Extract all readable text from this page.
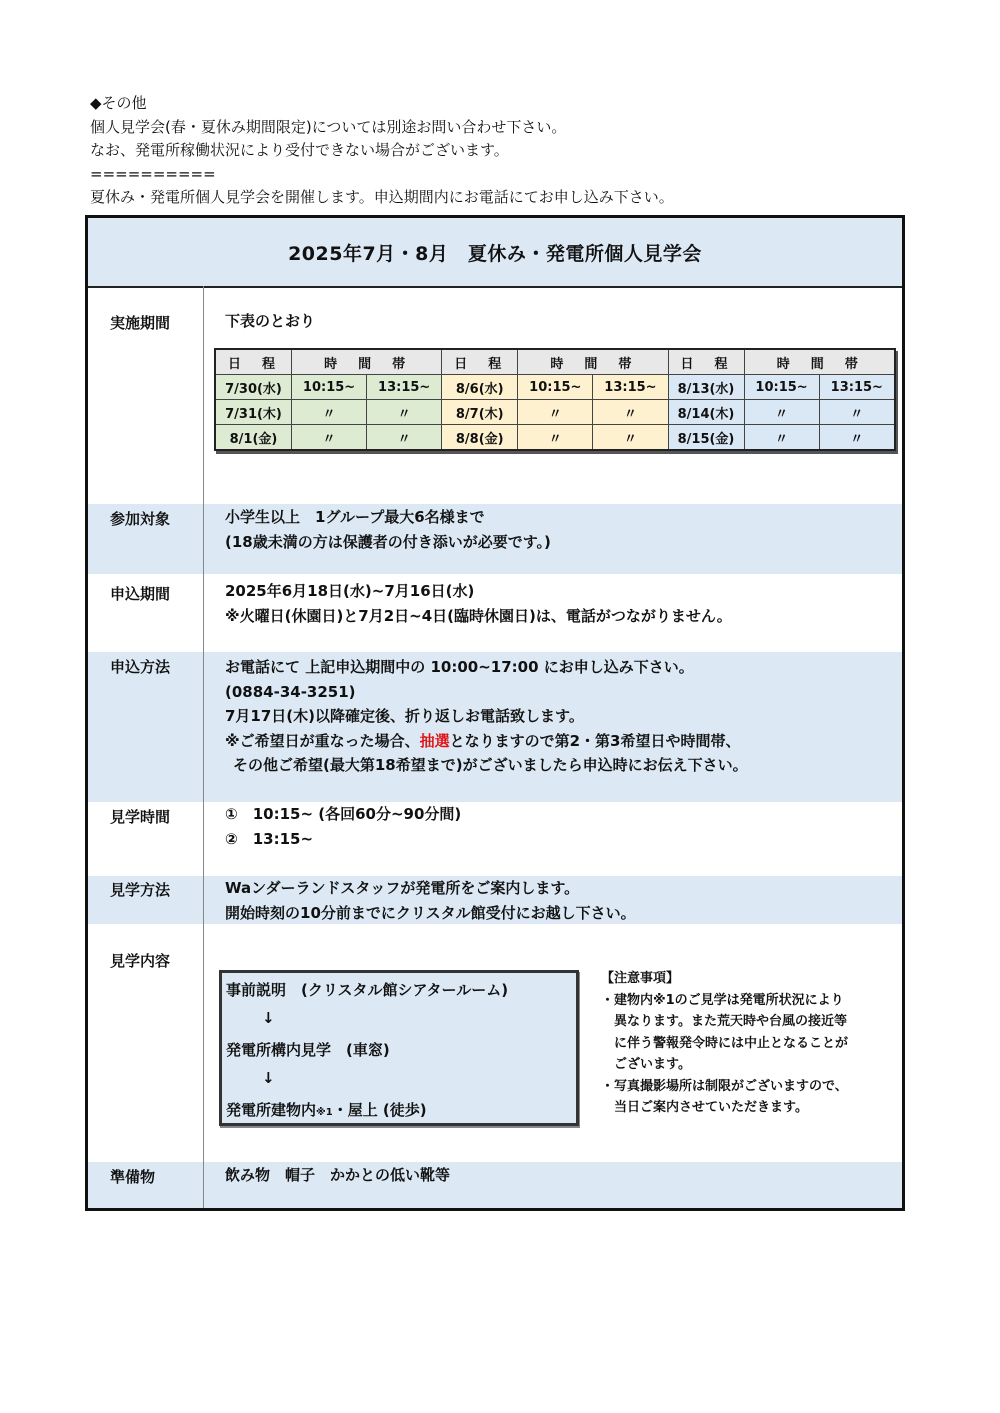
◆その他
個人見学会(春・夏休み期間限定)については別途お問い合わせ下さい。
なお、発電所稼働状況により受付できない場合がございます。
==========
夏休み・発電所個人見学会を開催します。申込期間内にお電話にてお申し込み下さい。
2025年7月・8月　夏休み・発電所個人見学会
実施期間	下表のとおり
日　程	時　間　帯		日　程	時　間　帯		日　程	時　間　帯	
7/30(水)	10:15~	13:15~	8/6(水)	10:15~	13:15~	8/13(水)	10:15~	13:15~
7/31(木)	〃	〃	8/7(木)	〃	〃	8/14(木)	〃	〃
8/1(金)	〃	〃	8/8(金)	〃	〃	8/15(金)	〃	〃
参加対象	小学生以上　1グループ最大6名様まで
(18歳未満の方は保護者の付き添いが必要です。)
申込期間	2025年6月18日(水)~7月16日(水)
※火曜日(休園日)と7月2日~4日(臨時休園日)は、電話がつながりません。
申込方法	お電話にて 上記申込期間中の 10:00~17:00 にお申し込み下さい。
(0884-34-3251)
7月17日(木)以降確定後、折り返しお電話致します。
※ご希望日が重なった場合、抽選となりますので第2・第3希望日や時間帯、
その他ご希望(最大第18希望まで)がございましたら申込時にお伝え下さい。
見学時間	①　10:15~ (各回60分~90分間)
②　13:15~
見学方法	Waンダーランドスタッフが発電所をご案内します。
開始時刻の10分前までにクリスタル館受付にお越し下さい。
見学内容
事前説明　(クリスタル館シアタールーム)
↓
発電所構内見学　(車窓)
↓
発電所建物内※1・屋上 (徒歩)
【注意事項】
・建物内※1のご見学は発電所状況により
　異なります。また荒天時や台風の接近等
　に伴う警報発令時には中止となることが
　ございます。
・写真撮影場所は制限がございますので、
　当日ご案内させていただきます。
準備物	飲み物　帽子　かかとの低い靴等
